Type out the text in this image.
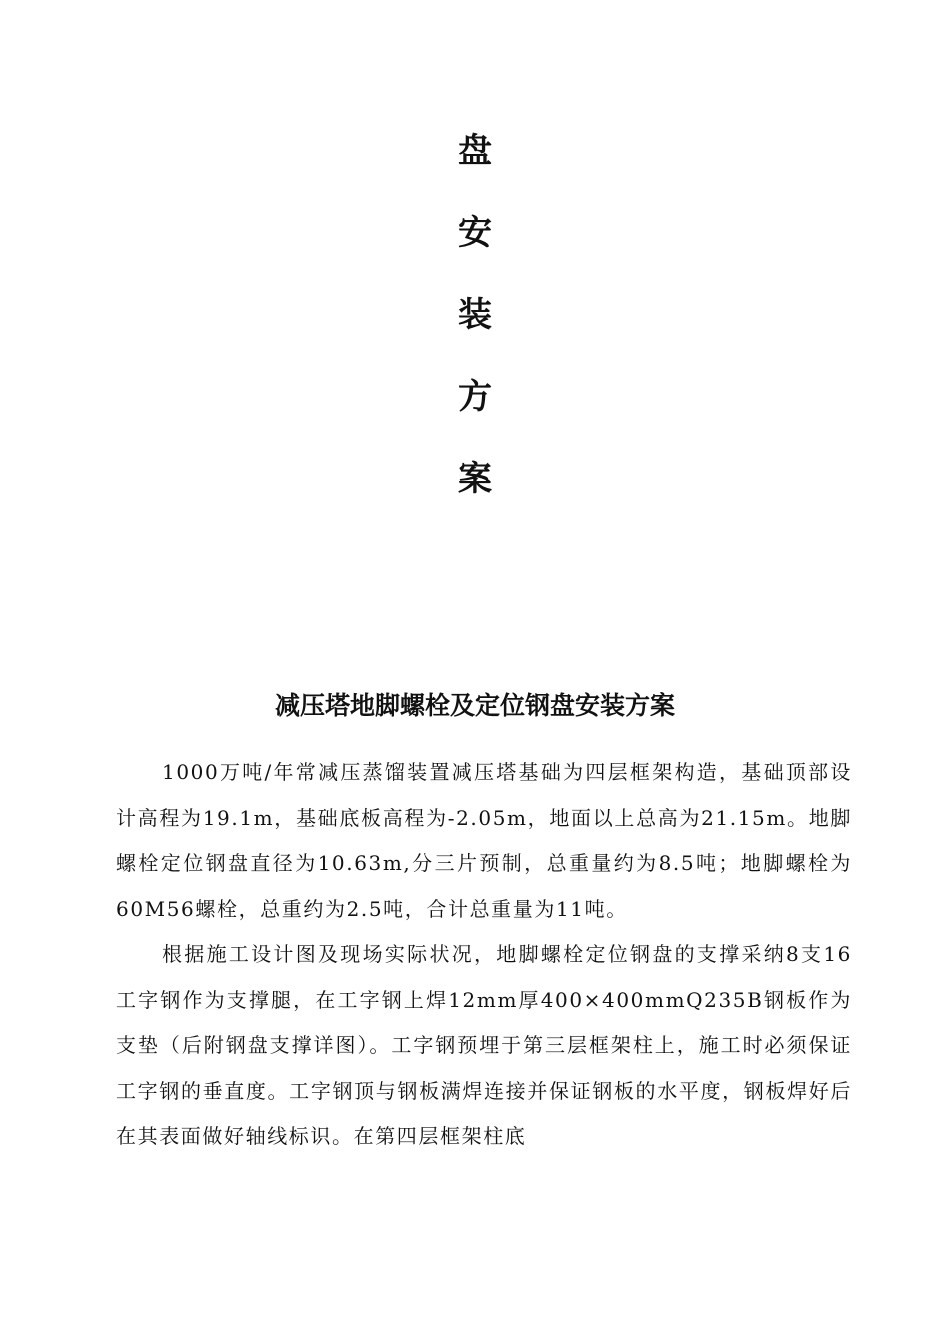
盘
安
装
方
案
减压塔地脚螺栓及定位钢盘安装方案

1000万吨/年常减压蒸馏装置减压塔基础为四层框架构造，基础顶部设计高程为19.1m，基础底板高程为-2.05m，地面以上总高为21.15m。地脚螺栓定位钢盘直径为10.63m,分三片预制，总重量约为8.5吨；地脚螺栓为60M56螺栓，总重约为2.5吨，合计总重量为11吨。

根据施工设计图及现场实际状况，地脚螺栓定位钢盘的支撑采纳8支16工字钢作为支撑腿，在工字钢上焊12mm厚400×400mmQ235B钢板作为支垫（后附钢盘支撑详图）。工字钢预埋于第三层框架柱上，施工时必须保证工字钢的垂直度。工字钢顶与钢板满焊连接并保证钢板的水平度，钢板焊好后在其表面做好轴线标识。在第四层框架柱底
